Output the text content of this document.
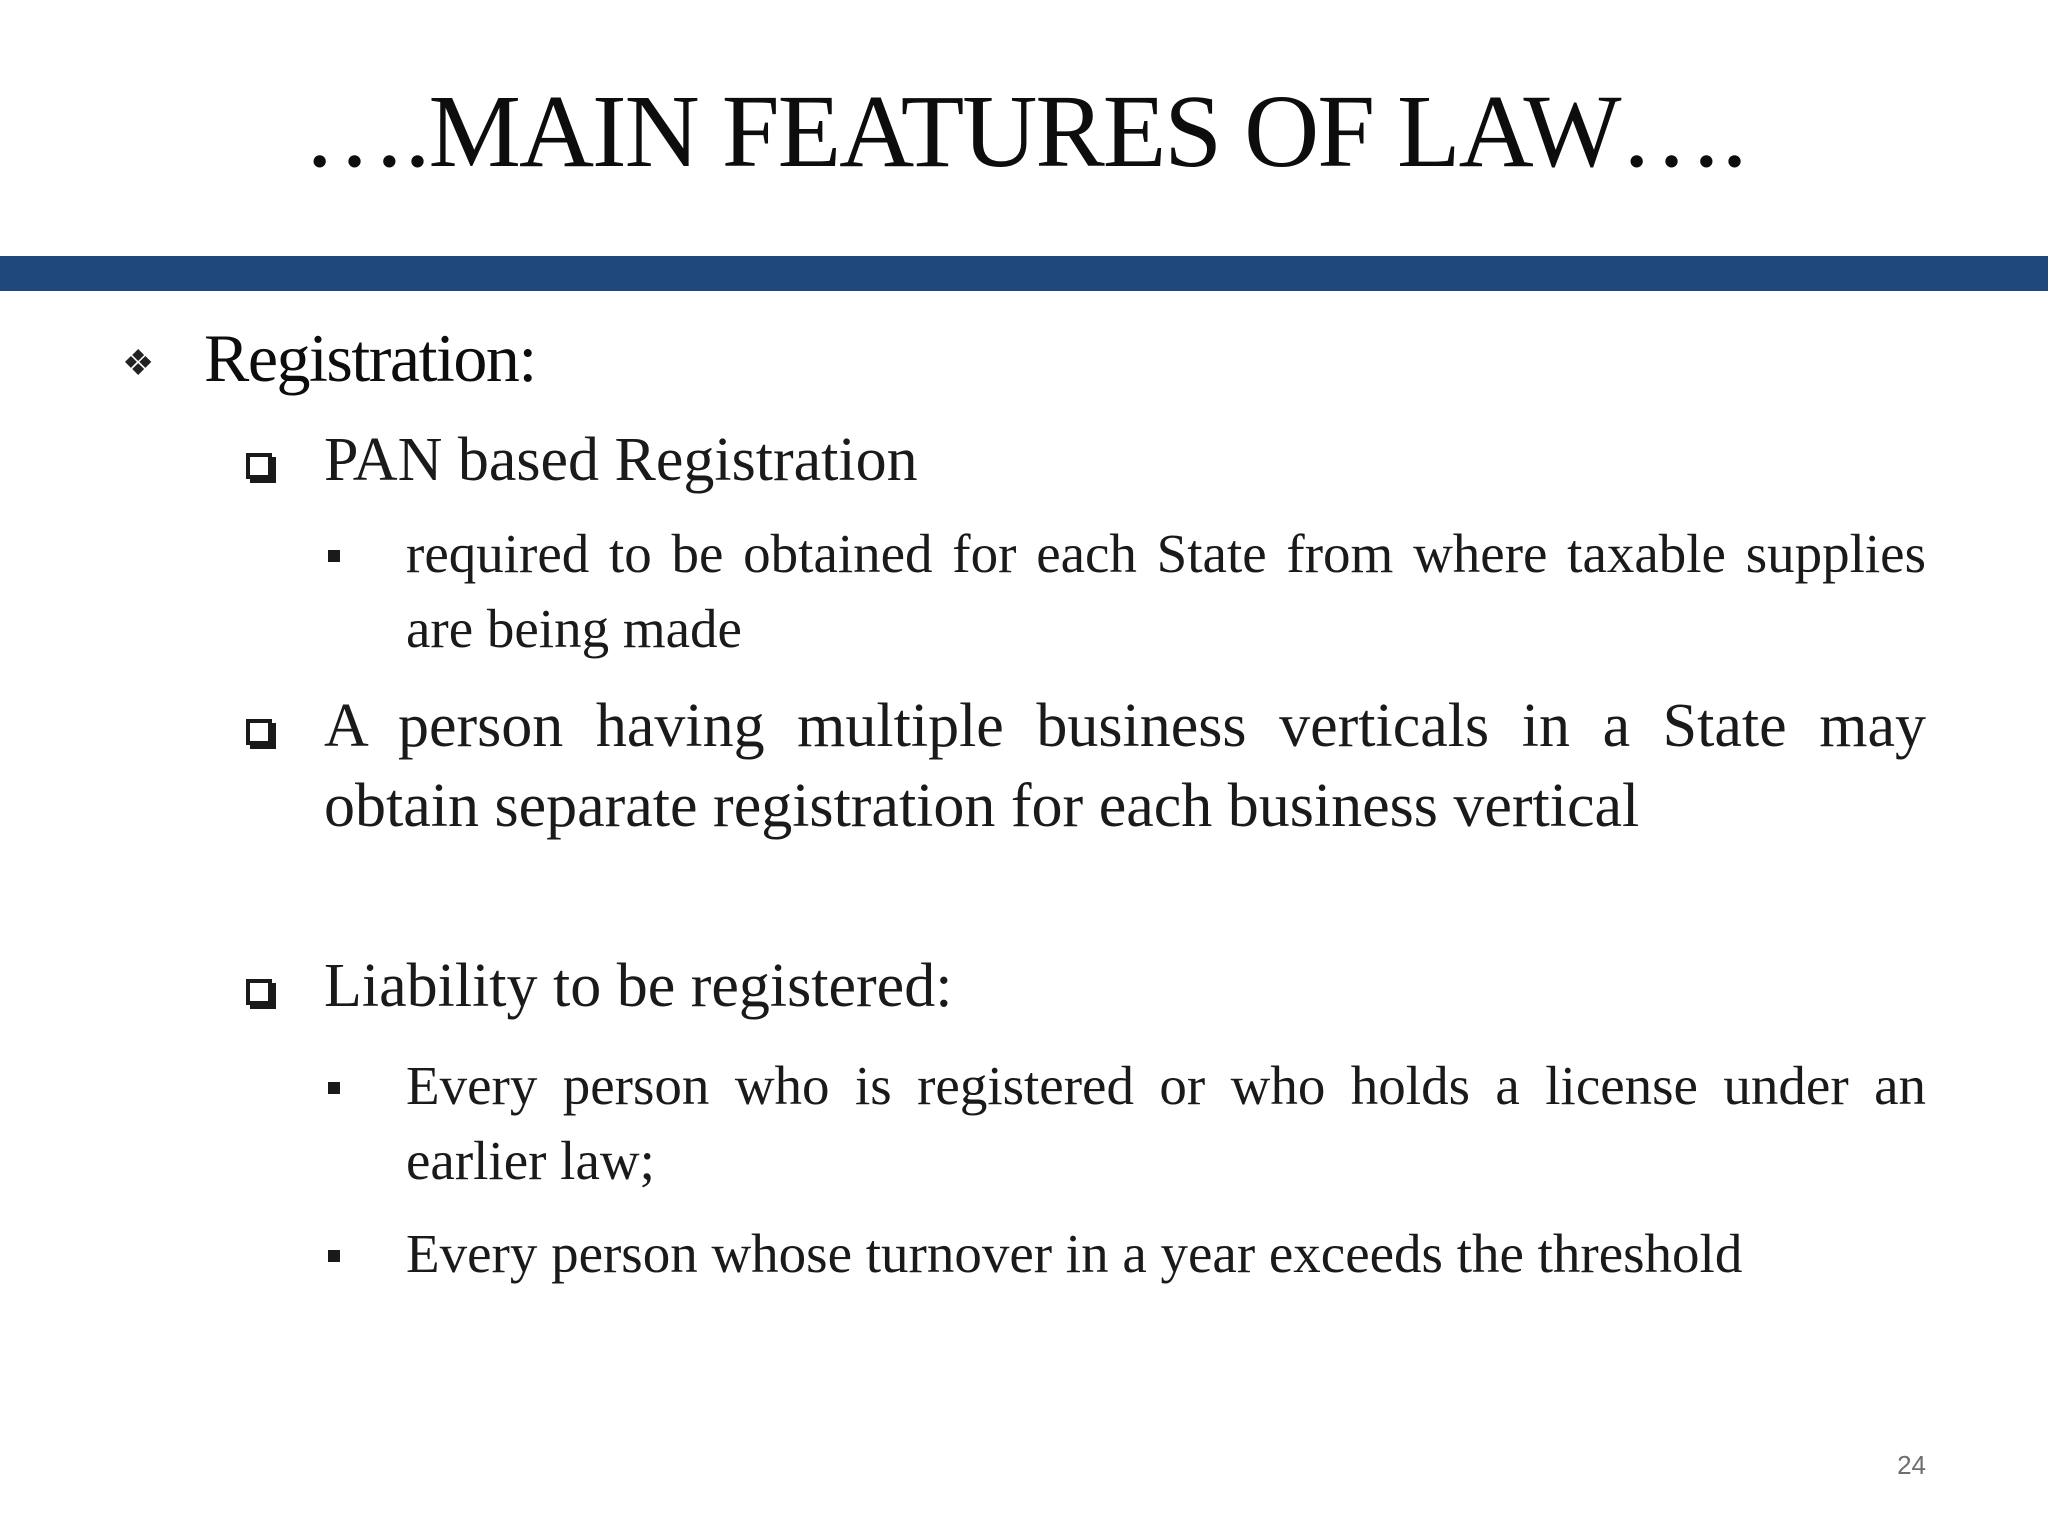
….MAIN FEATURES OF LAW….
❖ Registration:
PAN based Registration
required to be obtained for each State from where taxable supplies are being made
A person having multiple business verticals in a State may obtain separate registration for each business vertical
Liability to be registered:
Every person who is registered or who holds a license under an earlier law;
Every person whose turnover in a year exceeds the threshold
24
